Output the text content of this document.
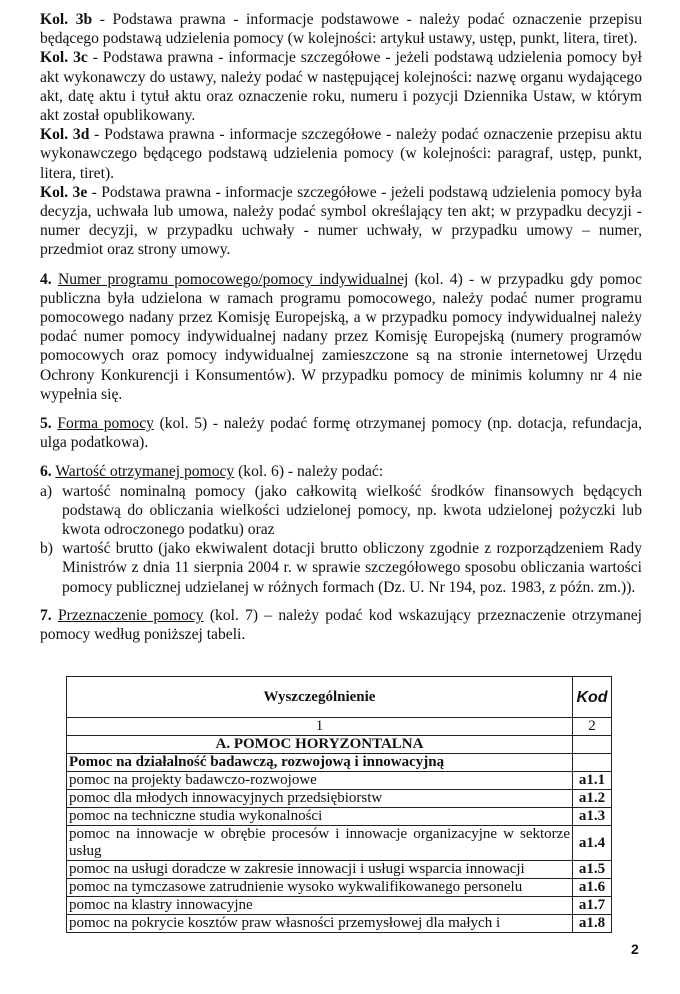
Kol. 3b - Podstawa prawna - informacje podstawowe - należy podać oznaczenie przepisu będącego podstawą udzielenia pomocy (w kolejności: artykuł ustawy, ustęp, punkt, litera, tiret).

Kol. 3c - Podstawa prawna - informacje szczegółowe - jeżeli podstawą udzielenia pomocy był akt wykonawczy do ustawy, należy podać w następującej kolejności: nazwę organu wydającego akt, datę aktu i tytuł aktu oraz oznaczenie roku, numeru i pozycji Dziennika Ustaw, w którym akt został opublikowany.

Kol. 3d - Podstawa prawna - informacje szczegółowe - należy podać oznaczenie przepisu aktu wykonawczego będącego podstawą udzielenia pomocy (w kolejności: paragraf, ustęp, punkt, litera, tiret).

Kol. 3e - Podstawa prawna - informacje szczegółowe - jeżeli podstawą udzielenia pomocy była decyzja, uchwała lub umowa, należy podać symbol określający ten akt; w przypadku decyzji - numer decyzji, w przypadku uchwały - numer uchwały, w przypadku umowy – numer, przedmiot oraz strony umowy.

4. Numer programu pomocowego/pomocy indywidualnej (kol. 4) - w przypadku gdy pomoc publiczna była udzielona w ramach programu pomocowego, należy podać numer programu pomocowego nadany przez Komisję Europejską, a w przypadku pomocy indywidualnej należy podać numer pomocy indywidualnej nadany przez Komisję Europejską (numery programów pomocowych oraz pomocy indywidualnej zamieszczone są na stronie internetowej Urzędu Ochrony Konkurencji i Konsumentów). W przypadku pomocy de minimis kolumny nr 4 nie wypełnia się.

5. Forma pomocy (kol. 5) - należy podać formę otrzymanej pomocy (np. dotacja, refundacja, ulga podatkowa).

6. Wartość otrzymanej pomocy (kol. 6) - należy podać:

a) wartość nominalną pomocy (jako całkowitą wielkość środków finansowych będących podstawą do obliczania wielkości udzielonej pomocy, np. kwota udzielonej pożyczki lub kwota odroczonego podatku) oraz
b) wartość brutto (jako ekwiwalent dotacji brutto obliczony zgodnie z rozporządzeniem Rady Ministrów z dnia 11 sierpnia 2004 r. w sprawie szczegółowego sposobu obliczania wartości pomocy publicznej udzielanej w różnych formach (Dz. U. Nr 194, poz. 1983, z późn. zm.)).

7. Przeznaczenie pomocy (kol. 7) – należy podać kod wskazujący przeznaczenie otrzymanej pomocy według poniższej tabeli.

Wyszczególnienie	Kod
1	2
A. POMOC HORYZONTALNA	
Pomoc na działalność badawczą, rozwojową i innowacyjną	
pomoc na projekty badawczo-rozwojowe	a1.1
pomoc dla młodych innowacyjnych przedsiębiorstw	a1.2
pomoc na techniczne studia wykonalności	a1.3
pomoc na innowacje w obrębie procesów i innowacje organizacyjne w sektorze usług	a1.4
pomoc na usługi doradcze w zakresie innowacji i usługi wsparcia innowacji	a1.5
pomoc na tymczasowe zatrudnienie wysoko wykwalifikowanego personelu	a1.6
pomoc na klastry innowacyjne	a1.7
pomoc na pokrycie kosztów praw własności przemysłowej dla małych i	a1.8
2
